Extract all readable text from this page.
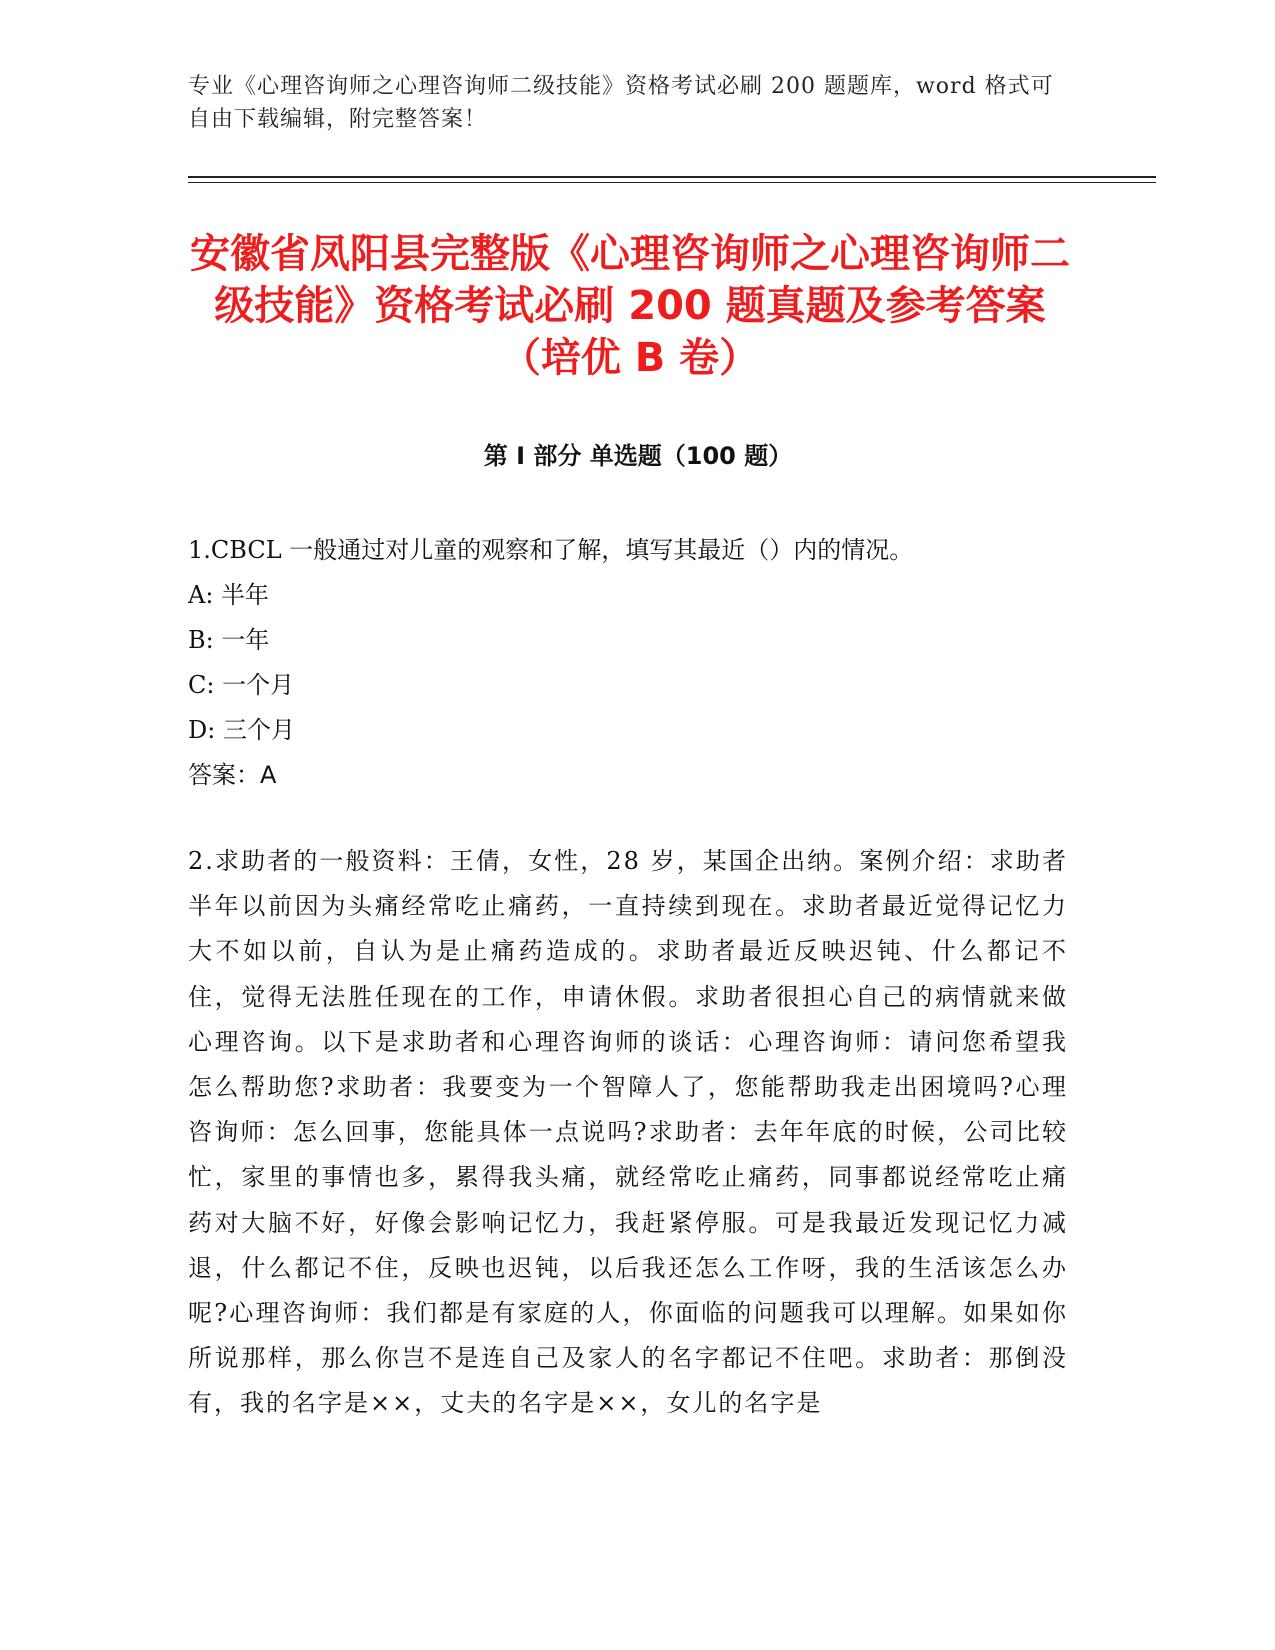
专业《心理咨询师之心理咨询师二级技能》资格考试必刷 200 题题库，word 格式可自由下载编辑，附完整答案！
安徽省凤阳县完整版《心理咨询师之心理咨询师二级技能》资格考试必刷 200 题真题及参考答案（培优 B 卷）
第 I 部分 单选题（100 题）
1.CBCL 一般通过对儿童的观察和了解，填写其最近（）内的情况。
A: 半年
B: 一年
C: 一个月
D: 三个月
答案：A
2.求助者的一般资料：王倩，女性，28 岁，某国企出纳。案例介绍：求助者半年以前因为头痛经常吃止痛药，一直持续到现在。求助者最近觉得记忆力大不如以前，自认为是止痛药造成的。求助者最近反映迟钝、什么都记不住，觉得无法胜任现在的工作，申请休假。求助者很担心自己的病情就来做心理咨询。以下是求助者和心理咨询师的谈话：心理咨询师：请问您希望我怎么帮助您?求助者：我要变为一个智障人了，您能帮助我走出困境吗?心理咨询师：怎么回事，您能具体一点说吗?求助者：去年年底的时候，公司比较忙，家里的事情也多，累得我头痛，就经常吃止痛药，同事都说经常吃止痛药对大脑不好，好像会影响记忆力，我赶紧停服。可是我最近发现记忆力减退，什么都记不住，反映也迟钝，以后我还怎么工作呀，我的生活该怎么办呢?心理咨询师：我们都是有家庭的人，你面临的问题我可以理解。如果如你所说那样，那么你岂不是连自己及家人的名字都记不住吧。求助者：那倒没有，我的名字是××，丈夫的名字是××，女儿的名字是
